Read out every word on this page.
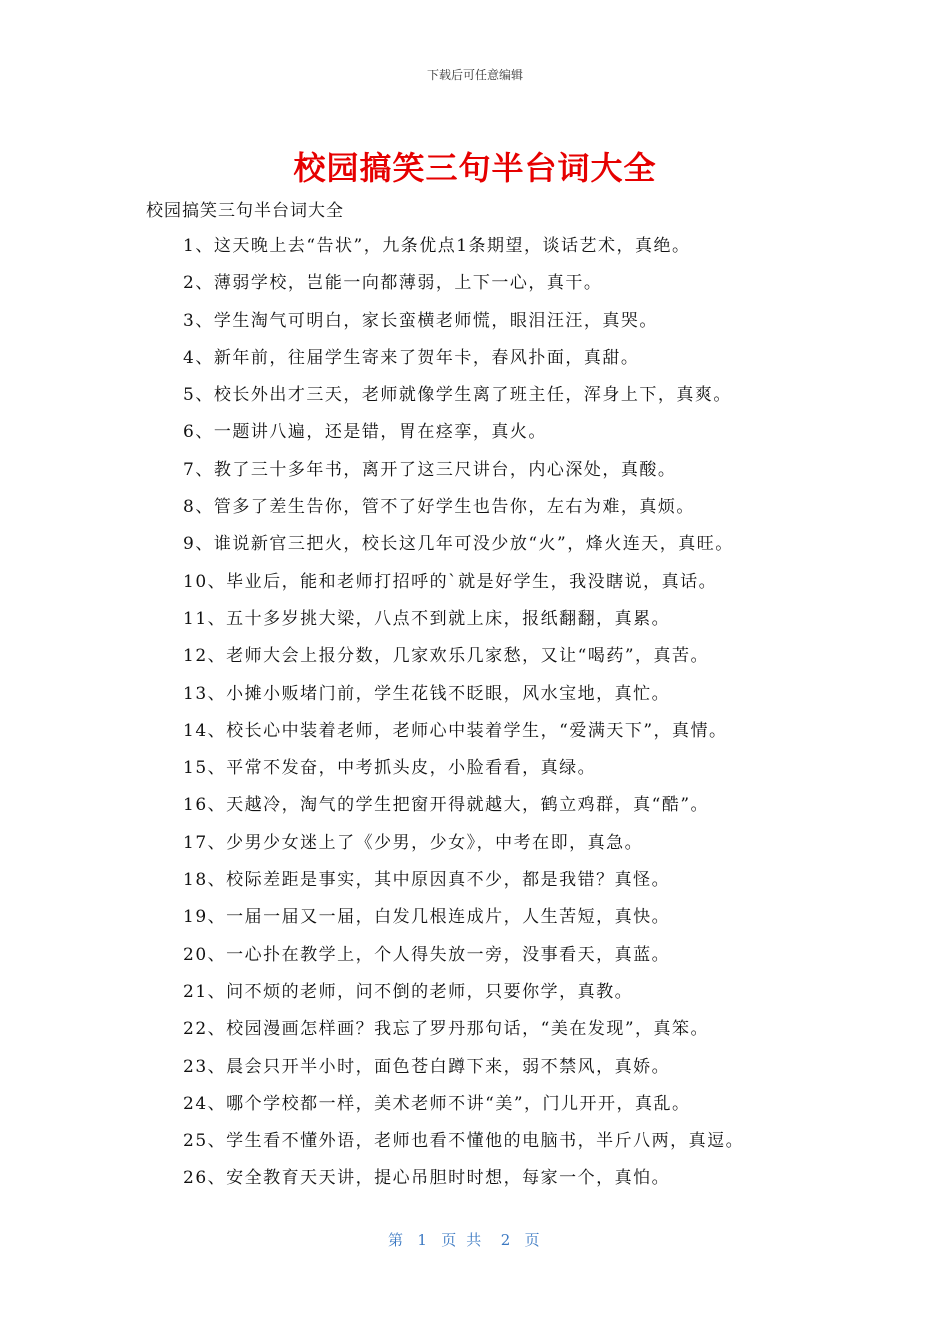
下载后可任意编辑
校园搞笑三句半台词大全
校园搞笑三句半台词大全
1、这天晚上去“告状”，九条优点1条期望，谈话艺术，真绝。
2、薄弱学校，岂能一向都薄弱，上下一心，真干。
3、学生淘气可明白，家长蛮横老师慌，眼泪汪汪，真哭。
4、新年前，往届学生寄来了贺年卡，春风扑面，真甜。
5、校长外出才三天，老师就像学生离了班主任，浑身上下，真爽。
6、一题讲八遍，还是错，胃在痉挛，真火。
7、教了三十多年书，离开了这三尺讲台，内心深处，真酸。
8、管多了差生告你，管不了好学生也告你，左右为难，真烦。
9、谁说新官三把火，校长这几年可没少放“火”，烽火连天，真旺。
10、毕业后，能和老师打招呼的`就是好学生，我没瞎说，真话。
11、五十多岁挑大梁，八点不到就上床，报纸翻翻，真累。
12、老师大会上报分数，几家欢乐几家愁，又让“喝药”，真苦。
13、小摊小贩堵门前，学生花钱不眨眼，风水宝地，真忙。
14、校长心中装着老师，老师心中装着学生，“爱满天下”，真情。
15、平常不发奋，中考抓头皮，小脸看看，真绿。
16、天越冷，淘气的学生把窗开得就越大，鹤立鸡群，真“酷”。
17、少男少女迷上了《少男，少女》，中考在即，真急。
18、校际差距是事实，其中原因真不少，都是我错？真怪。
19、一届一届又一届，白发几根连成片，人生苦短，真快。
20、一心扑在教学上，个人得失放一旁，没事看天，真蓝。
21、问不烦的老师，问不倒的老师，只要你学，真教。
22、校园漫画怎样画？我忘了罗丹那句话，“美在发现”，真笨。
23、晨会只开半小时，面色苍白蹲下来，弱不禁风，真娇。
24、哪个学校都一样，美术老师不讲“美”，门儿开开，真乱。
25、学生看不懂外语，老师也看不懂他的电脑书，半斤八两，真逗。
26、安全教育天天讲，提心吊胆时时想，每家一个，真怕。
第 1 页共 2 页
